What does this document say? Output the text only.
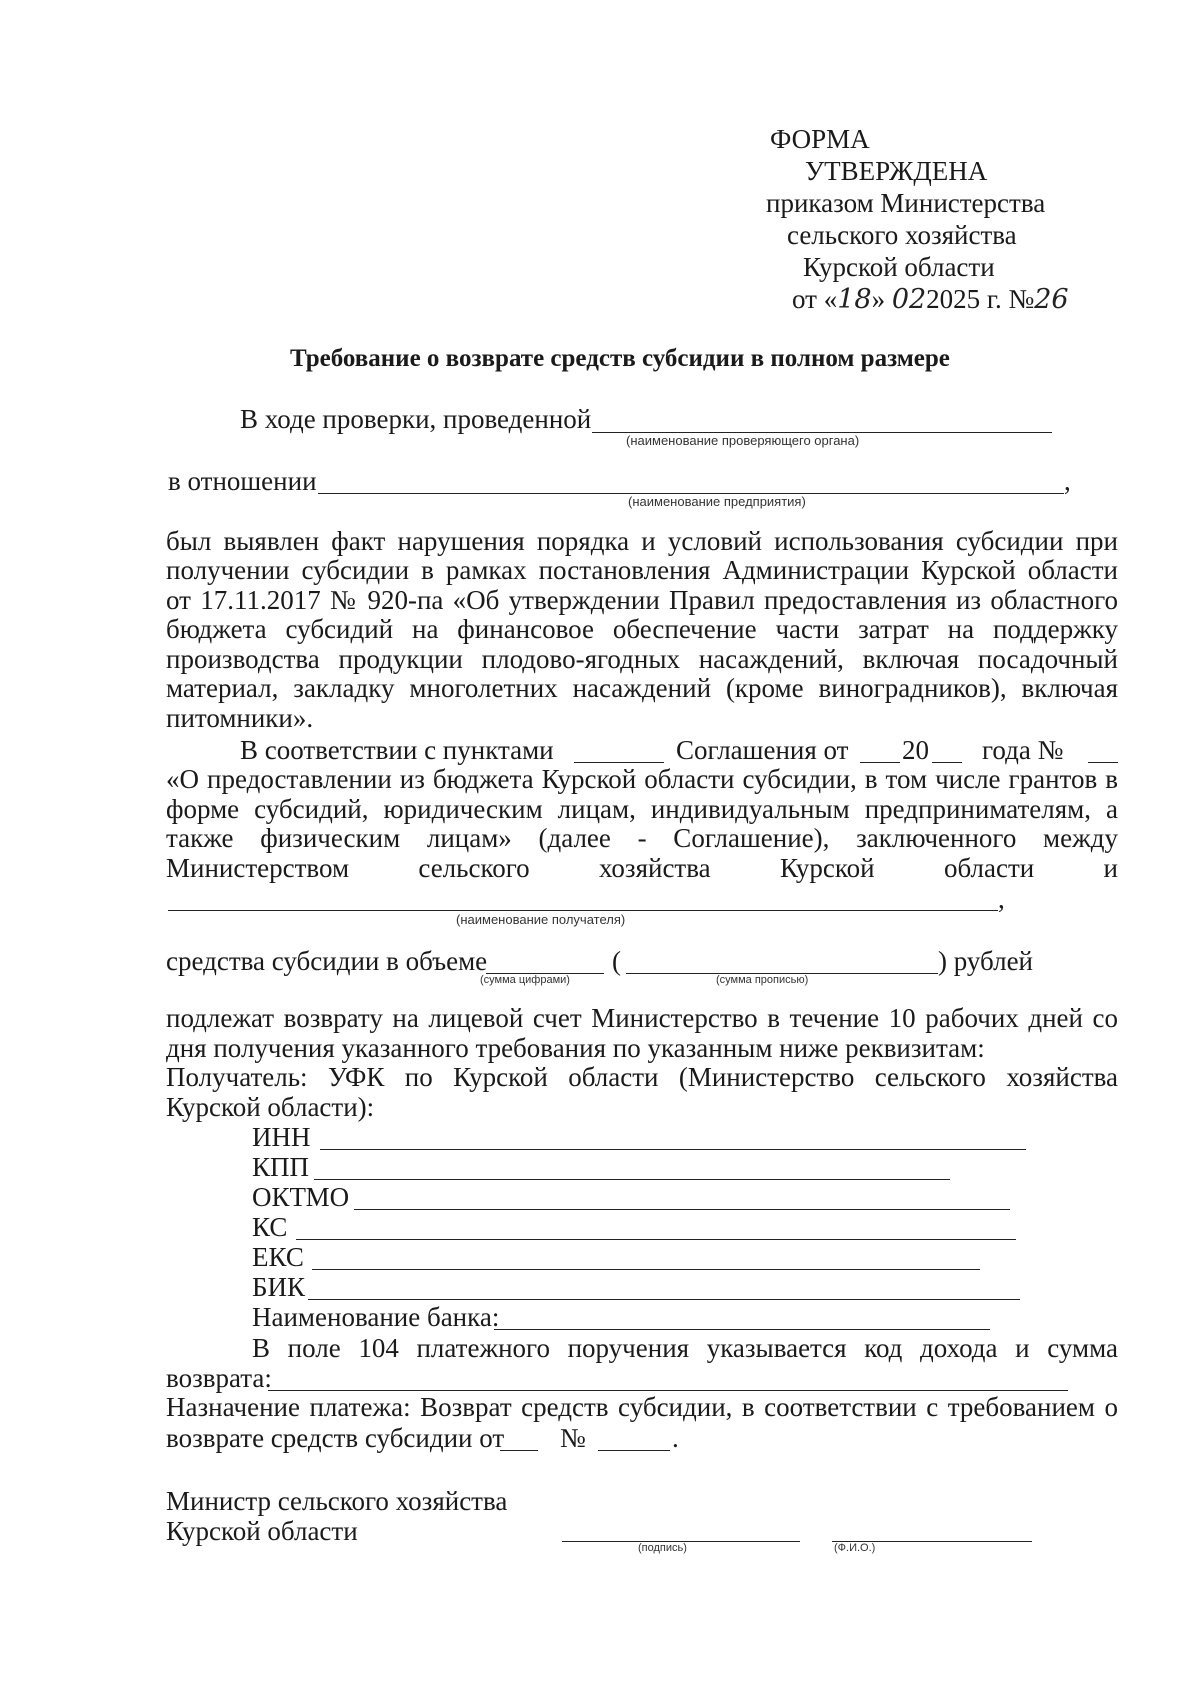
ФОРМА
УТВЕРЖДЕНА
приказом Министерства
сельского хозяйства
Курской области
от «18» 022025 г. №26
Требование о возврате средств субсидии в полном размере
В ходе проверки, проведенной
(наименование проверяющего органа)
в отношении	,
(наименование предприятия)
был выявлен факт нарушения порядка и условий использования субсидии при
получении субсидии в рамках постановления Администрации Курской области
от 17.11.2017 № 920-па «Об утверждении Правил предоставления из областного
бюджета субсидий на финансовое обеспечение части затрат на поддержку
производства продукции плодово-ягодных насаждений, включая посадочный
материал, закладку многолетних насаждений (кроме виноградников), включая
питомники».
В соответствии с пунктами	Соглашения от 20 года №
«О предоставлении из бюджета Курской области субсидии, в том числе грантов в
форме субсидий, юридическим лицам, индивидуальным предпринимателям, а
также физическим лицам» (далее - Соглашение), заключенного между
Министерством сельского хозяйства Курской области и
,
(наименование получателя)
средства субсидии в объеме	(	) рублей
(сумма цифрами)	(сумма прописью)
подлежат возврату на лицевой счет Министерство в течение 10 рабочих дней со
дня получения указанного требования по указанным ниже реквизитам:
Получатель: УФК по Курской области (Министерство сельского хозяйства
Курской области):
ИНН
КПП
ОКТМО
КС
ЕКС
БИК
Наименование банка:
В поле 104 платежного поручения указывается код дохода и сумма
возврата:
Назначение платежа: Возврат средств субсидии, в соответствии с требованием о
возврате средств субсидии от №	.
Министр сельского хозяйства
Курской области
(подпись)	(Ф.И.О.)
